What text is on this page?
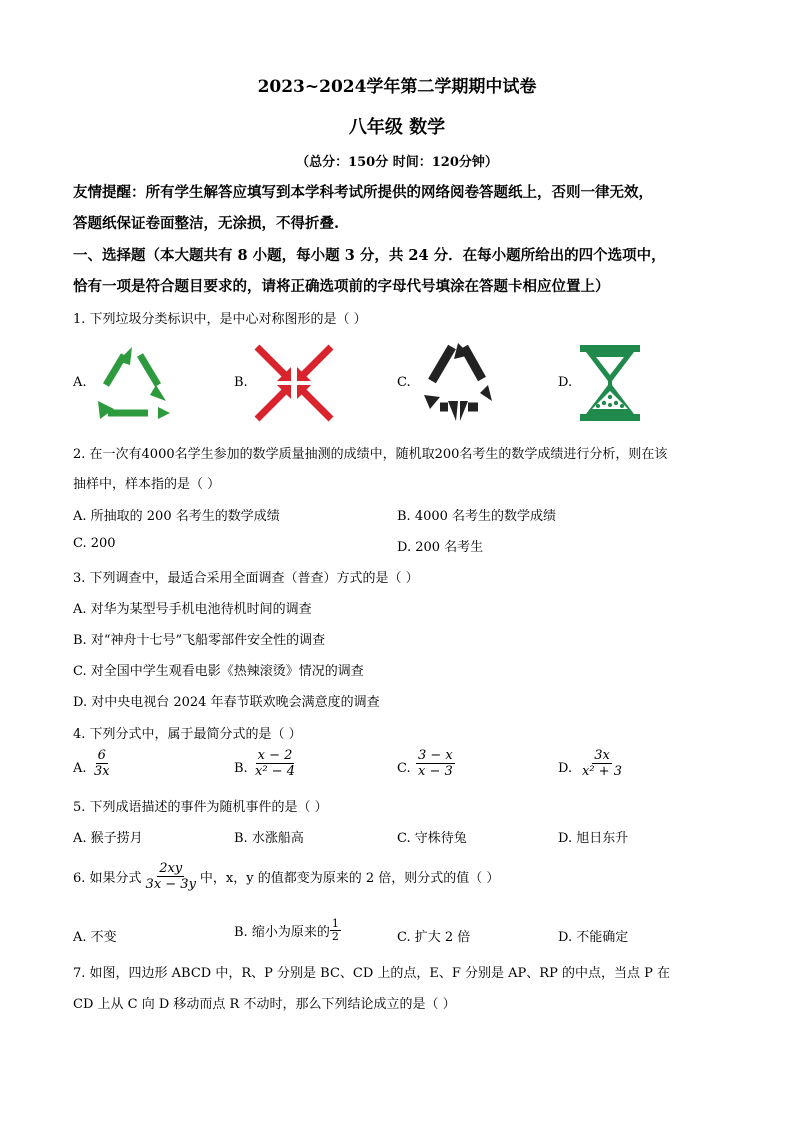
2023~2024学年第二学期期中试卷
八年级 数学
（总分：150分 时间：120分钟）
友情提醒：所有学生解答应填写到本学科考试所提供的网络阅卷答题纸上，否则一律无效，
答题纸保证卷面整洁，无涂损，不得折叠.
一、选择题（本大题共有 8 小题，每小题 3 分，共 24 分．在每小题所给出的四个选项中，
恰有一项是符合题目要求的，请将正确选项前的字母代号填涂在答题卡相应位置上）
1. 下列垃圾分类标识中，是中心对称图形的是（ ）
A.	B.	C.	D.
2. 在一次有4000名学生参加的数学质量抽测的成绩中，随机取200名考生的数学成绩进行分析，则在该
抽样中，样本指的是（ ）
A. 所抽取的 200 名考生的数学成绩	B. 4000 名考生的数学成绩
C. 200	D. 200 名考生
3. 下列调查中，最适合采用全面调查（普查）方式的是（ ）
A. 对华为某型号手机电池待机时间的调查
B. 对“神舟十七号”飞船零部件安全性的调查
C. 对全国中学生观看电影《热辣滚烫》情况的调查
D. 对中央电视台 2024 年春节联欢晚会满意度的调查
4. 下列分式中，属于最简分式的是（ ）
A. $\frac{6}{3x}$	B. $\frac{x - 2}{\text{x² − 4}}$	C. $\frac{3 - x}{x - 3}$	D. $\frac{3x}{\text{x² + 3}}$
5. 下列成语描述的事件为随机事件的是（ ）
A. 猴子捞月	B. 水涨船高	C. 守株待兔	D. 旭日东升
6. 如果分式 $\frac{2xy}{3x - 3y}$ 中，x，y 的值都变为原来的 2 倍，则分式的值（ ）
A. 不变	B. 缩小为原来的 $\frac{1}{2}$	C. 扩大 2 倍	D. 不能确定
7. 如图，四边形 ABCD 中，R、P 分别是 BC、CD 上的点，E、F 分别是 AP、RP 的中点，当点 P 在
CD 上从 C 向 D 移动而点 R 不动时，那么下列结论成立的是（ ）
